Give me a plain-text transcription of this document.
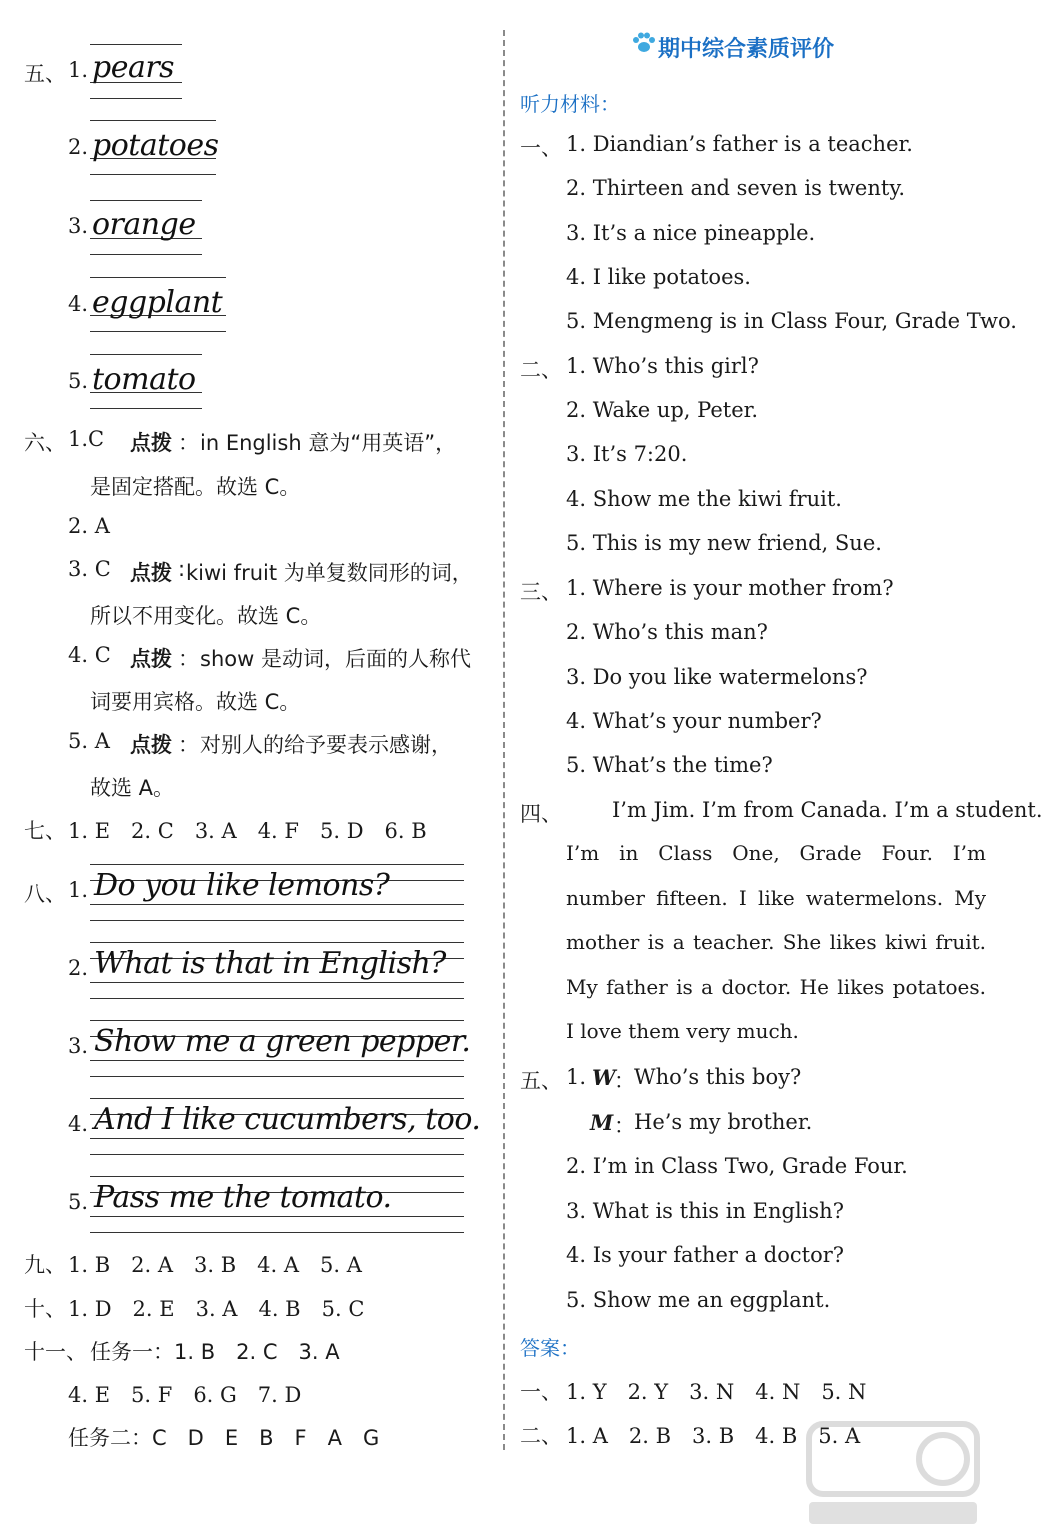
五、 1. pears
2. potatoes
3. orange
4. eggplant
5. tomato
六、 1.C 点拨 ： in English 意为“用英语”，
是固定搭配。故选 C。
2. A
3. C 点拨 : kiwi fruit 为单复数同形的词，
所以不用变化。故选 C。
4. C 点拨 ： show 是动词，后面的人称代
词要用宾格。故选 C。
5. A 点拨 ： 对别人的给予要表示感谢，
故选 A。
七、 1. E　2. C　3. A　4. F　5. D　6. B
八、 1. Do you like lemons?
2. What is that in English?
3. Show me a green pepper.
4. And I like cucumbers, too.
5. Pass me the tomato.
九、 1. B　2. A　3. B　4. A　5. A
十、 1. D　2. E　3. A　4. B　5. C
十一、 任务一：1. B　2. C　3. A
4. E　5. F　6. G　7. D
任务二：C　D　E　B　F　A　G
期中综合素质评价
听力材料：
一、 1. Diandian’s father is a teacher.
2. Thirteen and seven is twenty.
3. It’s a nice pineapple.
4. I like potatoes.
5. Mengmeng is in Class Four, Grade Two.
二、 1. Who’s this girl?
2. Wake up, Peter.
3. It’s 7:20.
4. Show me the kiwi fruit.
5. This is my new friend, Sue.
三、 1. Where is your mother from?
2. Who’s this man?
3. Do you like watermelons?
4. What’s your number?
5. What’s the time?
四、 I’m Jim. I’m from Canada. I’m a student.
I’m in Class One, Grade Four. I’m number fifteen. I like watermelons. My mother is a teacher. She likes kiwi fruit. My father is a doctor. He likes potatoes. I love them very much.
五、 1. W
： Who’s this boy?
M ： He’s my brother.
2. I’m in Class Two, Grade Four.
3. What is this in English?
4. Is your father a doctor?
5. Show me an eggplant.
答案：
一、 1. Y　2. Y　3. N　4. N　5. N
二、 1. A　2. B　3. B　4. B　5. A
